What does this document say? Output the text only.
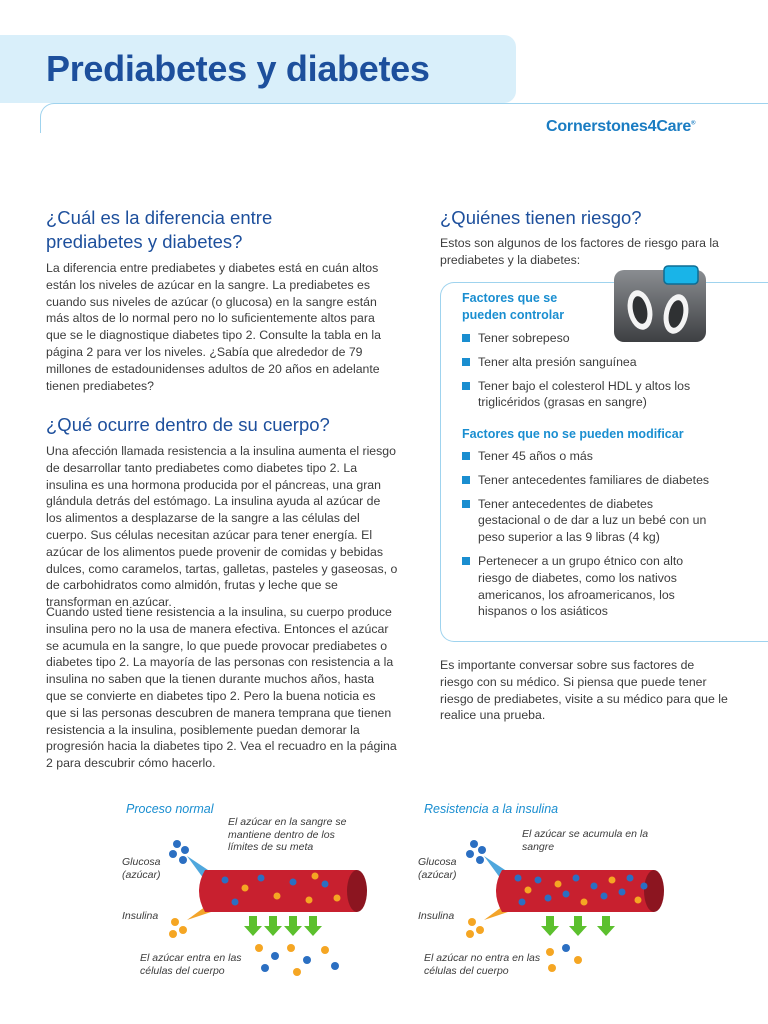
Prediabetes y diabetes
Cornerstones4Care®
¿Cuál es la diferencia entre prediabetes y diabetes?

La diferencia entre prediabetes y diabetes está en cuán altos están los niveles de azúcar en la sangre. La prediabetes es cuando sus niveles de azúcar (o glucosa) en la sangre están más altos de lo normal pero no lo suficientemente altos para que se le diagnostique diabetes tipo 2. Consulte la tabla en la página 2 para ver los niveles. ¿Sabía que alrededor de 79 millones de estadounidenses adultos de 20 años en adelante tienen prediabetes?

¿Qué ocurre dentro de su cuerpo?

Una afección llamada resistencia a la insulina aumenta el riesgo de desarrollar tanto prediabetes como diabetes tipo 2. La insulina es una hormona producida por el páncreas, una gran glándula detrás del estómago. La insulina ayuda al azúcar de los alimentos a desplazarse de la sangre a las células del cuerpo. Sus células necesitan azúcar para tener energía. El azúcar de los alimentos puede provenir de comidas y bebidas dulces, como caramelos, tartas, galletas, pasteles y gaseosas, o de carbohidratos como almidón, frutas y leche que se transforman en azúcar.

Cuando usted tiene resistencia a la insulina, su cuerpo produce insulina pero no la usa de manera efectiva. Entonces el azúcar se acumula en la sangre, lo que puede provocar prediabetes o diabetes tipo 2. La mayoría de las personas con resistencia a la insulina no saben que la tienen durante muchos años, hasta que se convierte en diabetes tipo 2. Pero la buena noticia es que si las personas descubren de manera temprana que tienen resistencia a la insulina, posiblemente puedan demorar la progresión hacia la diabetes tipo 2. Vea el recuadro en la página 2 para descubrir cómo hacerlo.

¿Quiénes tienen riesgo?

Estos son algunos de los factores de riesgo para la prediabetes y la diabetes:

Factores que se pueden controlar
Tener sobrepeso
Tener alta presión sanguínea
Tener bajo el colesterol HDL y altos los triglicéridos (grasas en sangre)
Factores que no se pueden modificar
Tener 45 años o más
Tener antecedentes familiares de diabetes
Tener antecedentes de diabetes gestacional o de dar a luz un bebé con un peso superior a las 9 libras (4 kg)
Pertenecer a un grupo étnico con alto riesgo de diabetes, como los nativos americanos, los afroamericanos, los hispanos o los asiáticos

Es importante conversar sobre sus factores de riesgo con su médico. Si piensa que puede tener riesgo de prediabetes, visite a su médico para que le realice una prueba.

Proceso normal
El azúcar en la sangre se mantiene dentro de los límites de su meta
Glucosa (azúcar)
Insulina
El azúcar entra en las células del cuerpo
Resistencia a la insulina
El azúcar se acumula en la sangre
Glucosa (azúcar)
Insulina
El azúcar no entra en las células del cuerpo
